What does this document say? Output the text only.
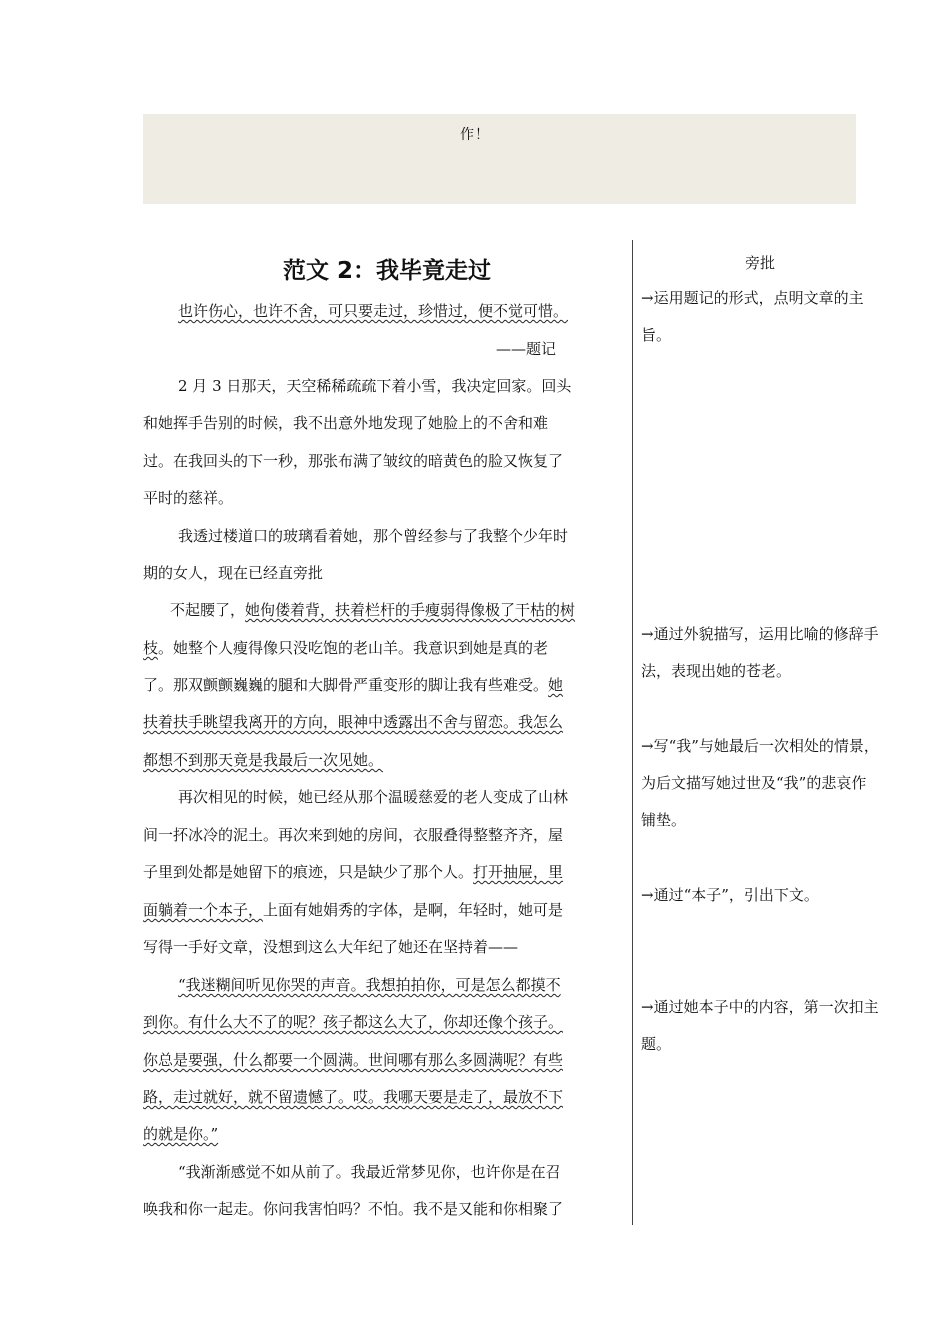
作！
范文 2：我毕竟走过
也许伤心，也许不舍，可只要走过，珍惜过，便不觉可惜。
——题记
2 月 3 日那天，天空稀稀疏疏下着小雪，我决定回家。回头
和她挥手告别的时候，我不出意外地发现了她脸上的不舍和难
过。在我回头的下一秒，那张布满了皱纹的暗黄色的脸又恢复了
平时的慈祥。
我透过楼道口的玻璃看着她，那个曾经参与了我整个少年时
期的女人，现在已经直旁批
不起腰了，她佝偻着背，扶着栏杆的手瘦弱得像极了干枯的树
枝。她整个人瘦得像只没吃饱的老山羊。我意识到她是真的老
了。那双颤颤巍巍的腿和大脚骨严重变形的脚让我有些难受。她
扶着扶手眺望我离开的方向，眼神中透露出不舍与留恋。我怎么
都想不到那天竟是我最后一次见她。
再次相见的时候，她已经从那个温暖慈爱的老人变成了山林
间一抔冰冷的泥土。再次来到她的房间，衣服叠得整整齐齐，屋
子里到处都是她留下的痕迹，只是缺少了那个人。打开抽屉，里
面躺着一个本子，上面有她娟秀的字体，是啊，年轻时，她可是
写得一手好文章，没想到这么大年纪了她还在坚持着——
“我迷糊间听见你哭的声音。我想拍拍你，可是怎么都摸不
到你。有什么大不了的呢？孩子都这么大了，你却还像个孩子。
你总是要强，什么都要一个圆满。世间哪有那么多圆满呢？有些
路，走过就好，就不留遗憾了。哎。我哪天要是走了，最放不下
的就是你。”
“我渐渐感觉不如从前了。我最近常梦见你，也许你是在召
唤我和你一起走。你问我害怕吗？不怕。我不是又能和你相聚了
旁批
→运用题记的形式，点明文章的主旨。
→通过外貌描写，运用比喻的修辞手法，表现出她的苍老。
→写“我”与她最后一次相处的情景，为后文描写她过世及“我”的悲哀作铺垫。
→通过“本子”，引出下文。
→通过她本子中的内容，第一次扣主题。
